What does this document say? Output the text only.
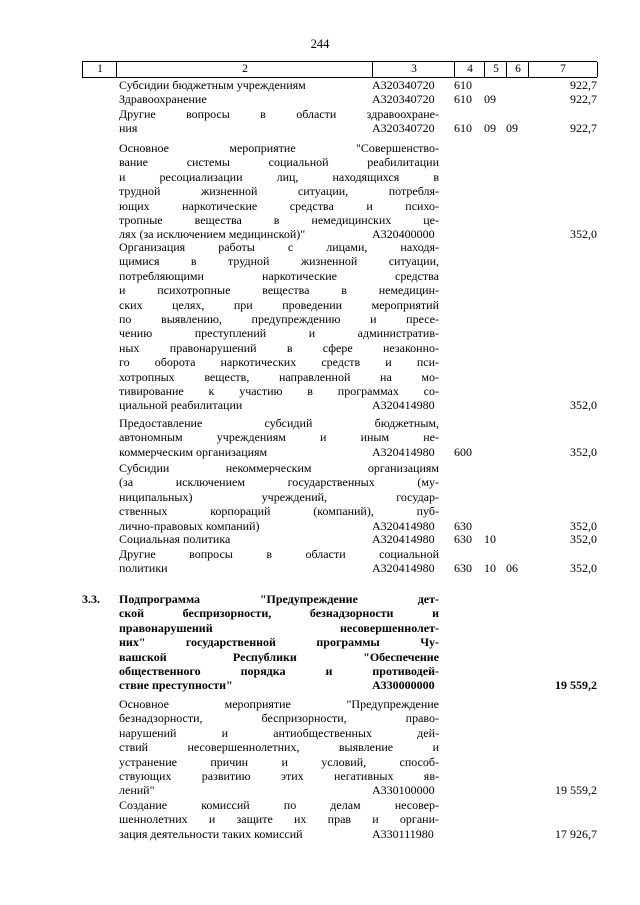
244
1	2	3	4	5	6	7
Субсидии бюджетным учреждениям	A320340720	610	922,7
Здравоохранение	A320340720	610	09	922,7
Другие вопросы в области здравоохране-
ния	A320340720	610	09 09	922,7
Основное мероприятие "Совершенство-
вание системы социальной реабилитации
и ресоциализации лиц, находящихся в
трудной жизненной ситуации, потребля-
ющих наркотические средства и психо-
тропные вещества в немедицинских це-
лях (за исключением медицинской)"	A320400000	352,0
Организация работы с лицами, находя-
щимися в трудной жизненной ситуации,
потребляющими наркотические средства
и психотропные вещества в немедицин-
ских целях, при проведении мероприятий
по выявлению, предупреждению и пресе-
чению преступлений и административ-
ных правонарушений в сфере незаконно-
го оборота наркотических средств и пси-
хотропных веществ, направленной на мо-
тивирование к участию в программах со-
циальной реабилитации	A320414980	352,0
Предоставление субсидий бюджетным,
автономным учреждениям и иным не-
коммерческим организациям	A320414980	600	352,0
Субсидии некоммерческим организациям
(за исключением государственных (му-
ниципальных) учреждений, государ-
ственных корпораций (компаний), пуб-
лично-правовых компаний)	A320414980	630	352,0
Социальная политика	A320414980	630	10	352,0
Другие вопросы в области социальной
политики	A320414980	630	10 06	352,0
3.3.	Подпрограмма "Предупреждение дет-
ской беспризорности, безнадзорности и
правонарушений несовершеннолет-
них" государственной программы Чу-
вашской Республики "Обеспечение
общественного порядка и противодей-
ствие преступности"	A330000000	19 559,2
Основное мероприятие "Предупреждение
безнадзорности, беспризорности, право-
нарушений и антиобщественных дей-
ствий несовершеннолетних, выявление и
устранение причин и условий, способ-
ствующих развитию этих негативных яв-
лений"	A330100000	19 559,2
Создание комиссий по делам несовер-
шеннолетних и защите их прав и органи-
зация деятельности таких комиссий	A330111980	17 926,7
